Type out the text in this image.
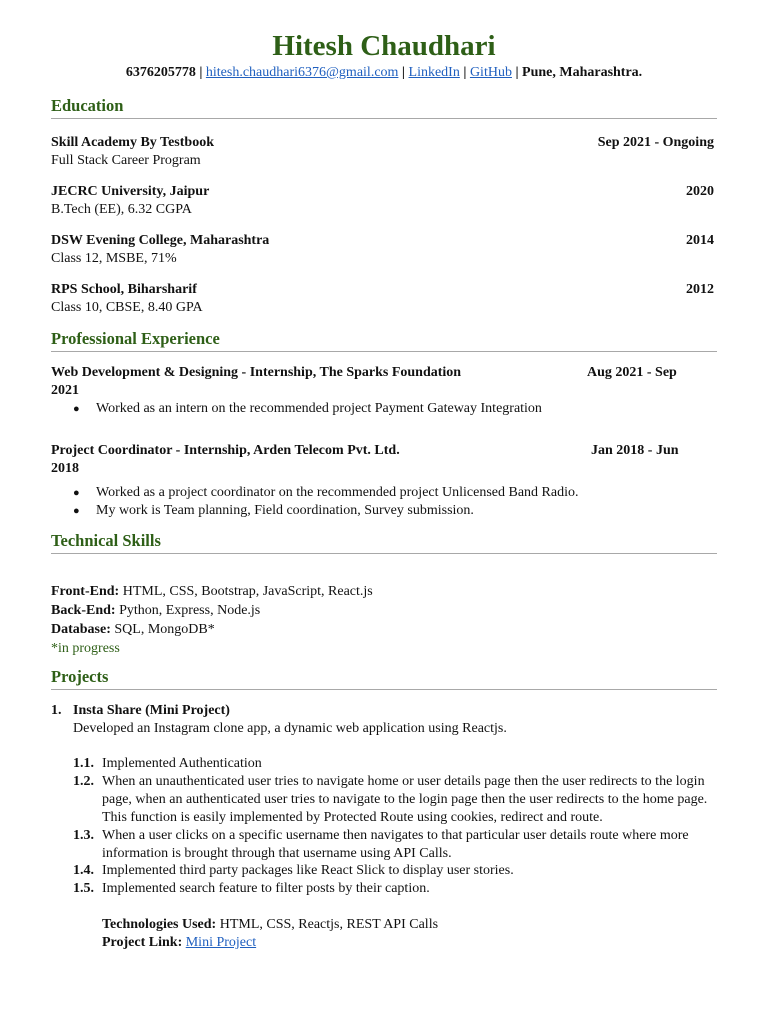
Hitesh Chaudhari
6376205778 | hitesh.chaudhari6376@gmail.com | LinkedIn | GitHub | Pune, Maharashtra.
Education
Skill Academy By Testbook	Sep 2021 - Ongoing
Full Stack Career Program
JECRC University, Jaipur	2020
B.Tech (EE), 6.32 CGPA
DSW Evening College, Maharashtra	2014
Class 12, MSBE, 71%
RPS School, Biharsharif	2012
Class 10, CBSE, 8.40 GPA
Professional Experience
Web Development & Designing - Internship, The Sparks Foundation	Aug 2021 - Sep
2021
● Worked as an intern on the recommended project Payment Gateway Integration
Project Coordinator - Internship, Arden Telecom Pvt. Ltd.	Jan 2018 - Jun
2018
● Worked as a project coordinator on the recommended project Unlicensed Band Radio.
● My work is Team planning, Field coordination, Survey submission.
Technical Skills
Front-End: HTML, CSS, Bootstrap, JavaScript, React.js
Back-End: Python, Express, Node.js
Database: SQL, MongoDB*
*in progress
Projects
1. Insta Share (Mini Project)
Developed an Instagram clone app, a dynamic web application using Reactjs.
1.1. Implemented Authentication
1.2. When an unauthenticated user tries to navigate home or user details page then the user redirects to the login page, when an authenticated user tries to navigate to the login page then the user redirects to the home page. This function is easily implemented by Protected Route using cookies, redirect and route.
1.3. When a user clicks on a specific username then navigates to that particular user details route where more information is brought through that username using API Calls.
1.4. Implemented third party packages like React Slick to display user stories.
1.5. Implemented search feature to filter posts by their caption.
Technologies Used: HTML, CSS, Reactjs, REST API Calls
Project Link: Mini Project
